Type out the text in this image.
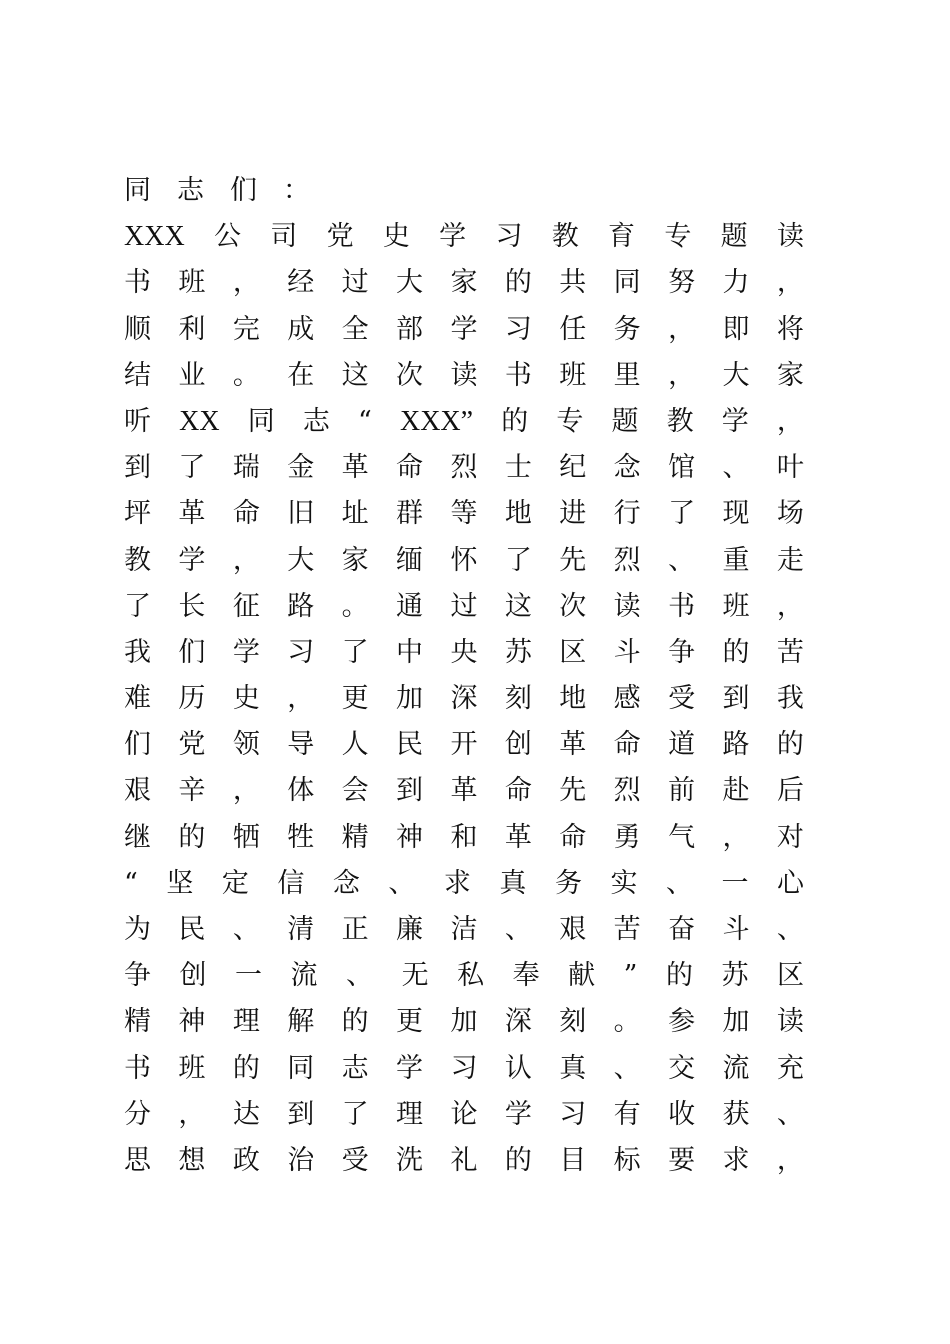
同 志 们 ：
XXX 公 司 党 史 学 习 教 育 专 题 读
书 班 ， 经 过 大 家 的 共 同 努 力 ，
顺 利 完 成 全 部 学 习 任 务 ， 即 将
结 业 。 在 这 次 读 书 班 里 ， 大 家
听 XX 同 志 “ XXX” 的 专 题 教 学 ，
到 了 瑞 金 革 命 烈 士 纪 念 馆 、 叶
坪 革 命 旧 址 群 等 地 进 行 了 现 场
教 学 ， 大 家 缅 怀 了 先 烈 、 重 走
了 长 征 路 。 通 过 这 次 读 书 班 ，
我 们 学 习 了 中 央 苏 区 斗 争 的 苦
难 历 史 ， 更 加 深 刻 地 感 受 到 我
们 党 领 导 人 民 开 创 革 命 道 路 的
艰 辛 ， 体 会 到 革 命 先 烈 前 赴 后
继 的 牺 牲 精 神 和 革 命 勇 气 ， 对
“ 坚 定 信 念 、 求 真 务 实 、 一 心
为 民 、 清 正 廉 洁 、 艰 苦 奋 斗 、
争 创 一 流 、 无 私 奉 献 ” 的 苏 区
精 神 理 解 的 更 加 深 刻 。 参 加 读
书 班 的 同 志 学 习 认 真 、 交 流 充
分 ， 达 到 了 理 论 学 习 有 收 获 、
思 想 政 治 受 洗 礼 的 目 标 要 求 ，
